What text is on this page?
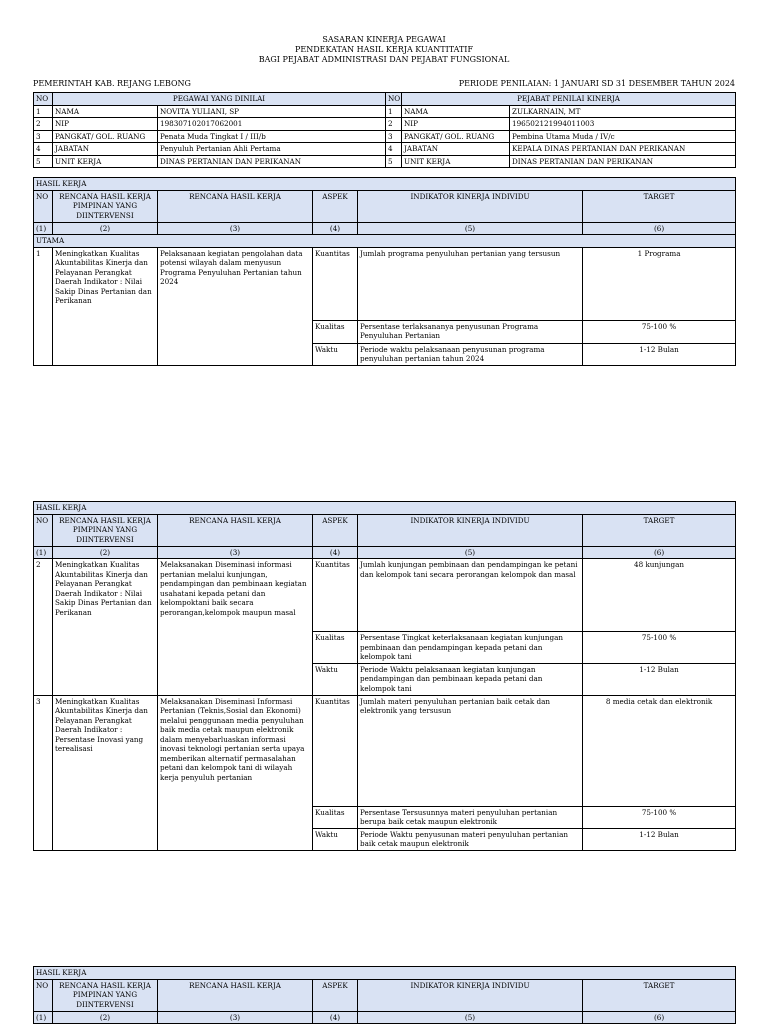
SASARAN KINERJA PEGAWAI
PENDEKATAN HASIL KERJA KUANTITATIF
BAGI PEJABAT ADMINISTRASI DAN PEJABAT FUNGSIONAL
PEMERINTAH KAB. REJANG LEBONG	PERIODE PENILAIAN: 1 JANUARI SD 31 DESEMBER TAHUN 2024
NO	PEGAWAI YANG DINILAI		NO	PEJABAT PENILAI KINERJA	
1	NAMA	NOVITA YULIANI, SP	1	NAMA	ZULKARNAIN, MT
2	NIP	198307102017062001	2	NIP	196502121994011003
3	PANGKAT/ GOL. RUANG	Penata Muda Tingkat I / III/b	3	PANGKAT/ GOL. RUANG	Pembina Utama Muda / IV/c
4	JABATAN	Penyuluh Pertanian Ahli Pertama	4	JABATAN	KEPALA DINAS PERTANIAN DAN PERIKANAN
5	UNIT KERJA	DINAS PERTANIAN DAN PERIKANAN	5	UNIT KERJA	DINAS PERTANIAN DAN PERIKANAN
HASIL KERJA					
NO	RENCANA HASIL KERJA PIMPINAN YANG DIINTERVENSI	RENCANA HASIL KERJA	ASPEK	INDIKATOR KINERJA INDIVIDU	TARGET
(1)	(2)	(3)	(4)	(5)	(6)
UTAMA					
1	Meningkatkan Kualitas Akuntabilitas Kinerja dan Pelayanan Perangkat Daerah Indikator : Nilai Sakip Dinas Pertanian dan Perikanan	Pelaksanaan kegiatan pengolahan data potensi wilayah dalam menyusun Programa Penyuluhan Pertanian tahun 2024	Kuantitas	Jumlah programa penyuluhan pertanian yang tersusun	1 Programa
			Kualitas	Persentase terlaksananya penyusunan Programa Penyuluhan Pertanian	75-100 %
			Waktu	Periode waktu pelaksanaan penyusunan programa penyuluhan pertanian tahun 2024	1-12 Bulan
HASIL KERJA					
NO	RENCANA HASIL KERJA PIMPINAN YANG DIINTERVENSI	RENCANA HASIL KERJA	ASPEK	INDIKATOR KINERJA INDIVIDU	TARGET
(1)	(2)	(3)	(4)	(5)	(6)
2	Meningkatkan Kualitas Akuntabilitas Kinerja dan Pelayanan Perangkat Daerah Indikator : Nilai Sakip Dinas Pertanian dan Perikanan	Melaksanakan Diseminasi informasi pertanian melalui kunjungan, pendampingan dan pembinaan kegiatan usahatani kepada petani dan kelompoktani baik secara perorangan,kelompok maupun masal	Kuantitas	Jumlah kunjungan pembinaan dan pendampingan ke petani dan kelompok tani secara perorangan kelompok dan masal	48 kunjungan
			Kualitas	Persentase Tingkat keterlaksanaan kegiatan kunjungan pembinaan dan pendampingan kepada petani dan kelompok tani	75-100 %
			Waktu	Periode Waktu pelaksanaan kegiatan kunjungan pendampingan dan pembinaan kepada petani dan kelompok tani	1-12 Bulan
3	Meningkatkan Kualitas Akuntabilitas Kinerja dan Pelayanan Perangkat Daerah Indikator : Persentase Inovasi yang terealisasi	Melaksanakan Diseminasi Informasi Pertanian (Teknis,Sosial dan Ekonomi) melalui penggunaan media penyuluhan baik media cetak maupun elektronik dalam menyebarluaskan informasi inovasi teknologi pertanian serta upaya memberikan alternatif permasalahan petani dan kelompok tani di wilayah kerja penyuluh pertanian	Kuantitas	Jumlah materi penyuluhan pertanian baik cetak dan elektronik yang tersusun	8 media cetak dan elektronik
			Kualitas	Persentase Tersusunnya materi penyuluhan pertanian berupa baik cetak maupun elektronik	75-100 %
			Waktu	Periode Waktu penyusunan materi penyuluhan pertanian baik cetak maupun elektronik	1-12 Bulan
HASIL KERJA					
NO	RENCANA HASIL KERJA PIMPINAN YANG DIINTERVENSI	RENCANA HASIL KERJA	ASPEK	INDIKATOR KINERJA INDIVIDU	TARGET
(1)	(2)	(3)	(4)	(5)	(6)
